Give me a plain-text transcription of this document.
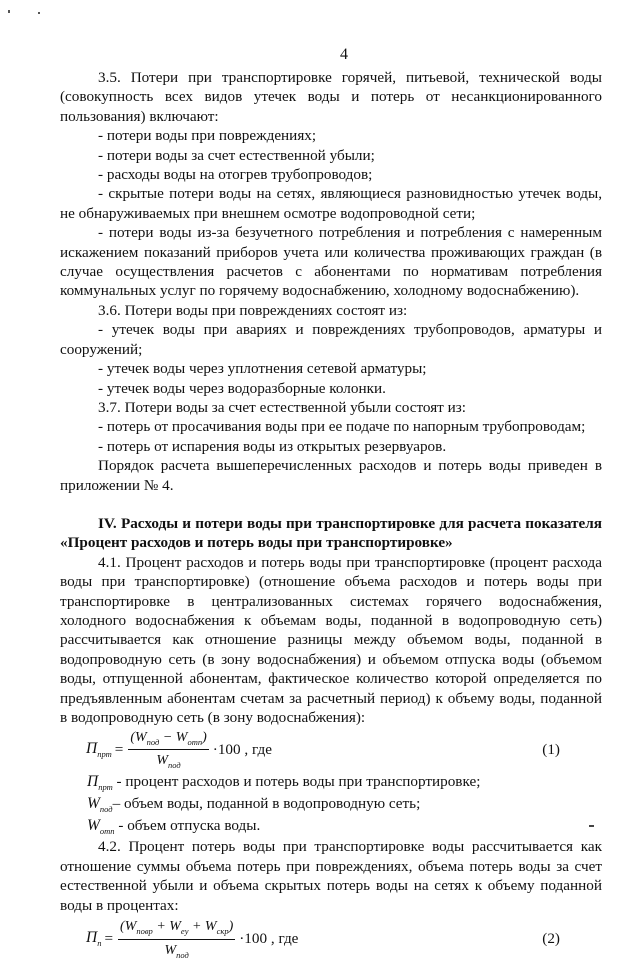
4

3.5. Потери при транспортировке горячей, питьевой, технической воды (совокупность всех видов утечек воды и потерь от несанкционированного пользования) включают:

- потери воды при повреждениях;

- потери воды за счет естественной убыли;

- расходы воды на отогрев трубопроводов;

- скрытые потери воды на сетях, являющиеся разновидностью утечек воды, не обнаруживаемых при внешнем осмотре водопроводной сети;

- потери воды из-за безучетного потребления и потребления с намеренным искажением показаний приборов учета или количества проживающих граждан (в случае осуществления расчетов с абонентами по нормативам потребления коммунальных услуг по горячему водоснабжению, холодному водоснабжению).

3.6. Потери воды при повреждениях состоят из:

- утечек воды при авариях и повреждениях трубопроводов, арматуры и сооружений;

- утечек воды через уплотнения сетевой арматуры;

- утечек воды через водоразборные колонки.

3.7. Потери воды за счет естественной убыли состоят из:

- потерь от просачивания воды при ее подаче по напорным трубопроводам;

- потерь от испарения воды из открытых резервуаров.

Порядок расчета вышеперечисленных расходов и потерь воды приведен в приложении № 4.

IV. Расходы и потери воды при транспортировке для расчета показателя «Процент расходов и потерь воды при транспортировке»

4.1. Процент расходов и потерь воды при транспортировке (процент расхода воды при транспортировке) (отношение объема расходов и потерь воды при транспортировке в централизованных системах горячего водоснабжения, холодного водоснабжения к объемам воды, поданной в водопроводную сеть) рассчитывается как отношение разницы между объемом воды, поданной в водопроводную сеть (в зону водоснабжения) и объемом отпуска воды (объемом воды, отпущенной абонентам, фактическое количество которой определяется по предъявленным абонентам счетам за расчетный период) к объему воды, поданной в водопроводную сеть (в зону водоснабжения):

$П_{прт} = \frac{(W_{под} - W_{отп})}{W_{под}} \cdot 100$ , где	(1)

$П_{прт}$ - процент расходов и потерь воды при транспортировке;

$W_{под}-$ объем воды, поданной в водопроводную сеть;

$W_{отп}$ - объем отпуска воды.

4.2. Процент потерь воды при транспортировке воды рассчитывается как отношение суммы объема потерь при повреждениях, объема потерь воды за счет естественной убыли и объема скрытых потерь воды на сетях к объему поданной воды в процентах:

$П_п = \frac{(W_{повр} + W_{еу} + W_{скр})}{W_{под}} \cdot 100$ , где	(2)
